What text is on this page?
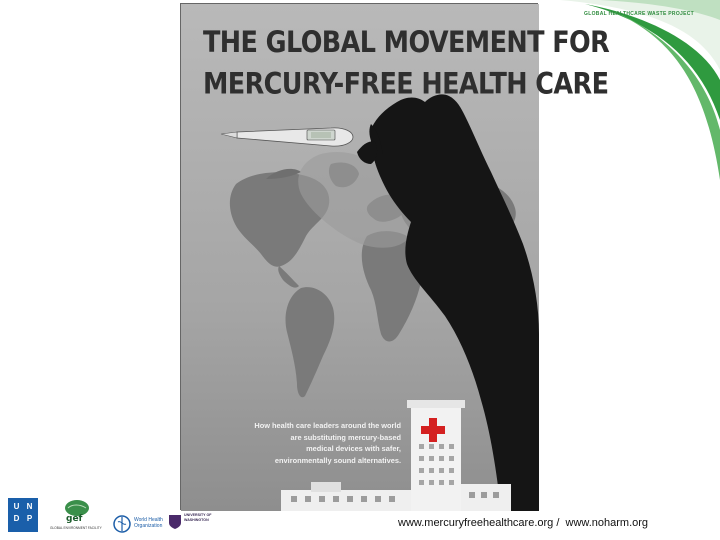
GLOBAL HEALTHCARE WASTE PROJECT
THE GLOBAL MOVEMENT FOR
MERCURY-FREE HEALTH CARE
How health care leaders around the world
are substituting mercury-based
medical devices with safer,
environmentally sound alternatives.
U N
D P	gef
GLOBAL ENVIRONMENT FACILITY
World Health
Organization
UNIVERSITY OF
WASHINGTON	www.mercuryfreehealthcare.org /  www.noharm.org
